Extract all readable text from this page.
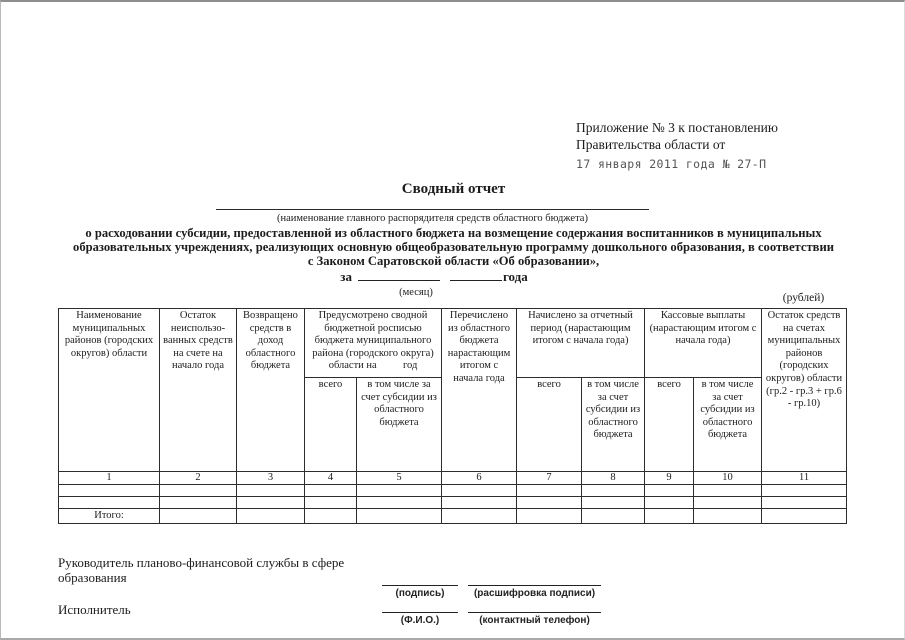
Приложение № 3 к постановлению
Правительства области от
17 января 2011 года № 27-П
Сводный отчет
(наименование главного распорядителя средств областного бюджета)
о расходовании субсидии, предоставленной из областного бюджета на возмещение содержания воспитанников в муниципальных
образовательных учреждениях, реализующих основную общеобразовательную программу дошкольного образования, в соответствии
с Законом Саратовской области «Об образовании»,
за	года
(месяц)	(рублей)
Наименование муниципальных районов (городских округов) области	Остаток неиспользо- ванных средств на счете на начало года	Возвращено средств в доход областного бюджета	Предусмотрено сводной бюджетной росписью бюджета муниципального района (городского округа) области на          год		Перечислено из областного бюджета нарастающим итогом с начала года	Начислено за отчетный период (нарастающим итогом с начала года)		Кассовые выплаты (нарастающим итогом с начала года)		Остаток средств на счетах муниципальных районов (городских округов) области (гр.2 - гр.3 + гр.6 - гр.10)
			всего	в том числе за счет субсидии из областного бюджета		всего	в том числе за счет субсидии из областного бюджета	всего	в том числе за счет субсидии из областного бюджета	
1	2	3	4	5	6	7	8	9	10	11

Итого:										
Руководитель планово-финансовой службы в сфере образования
Исполнитель
(подпись)	(расшифровка подписи)
(Ф.И.О.)	(контактный телефон)
